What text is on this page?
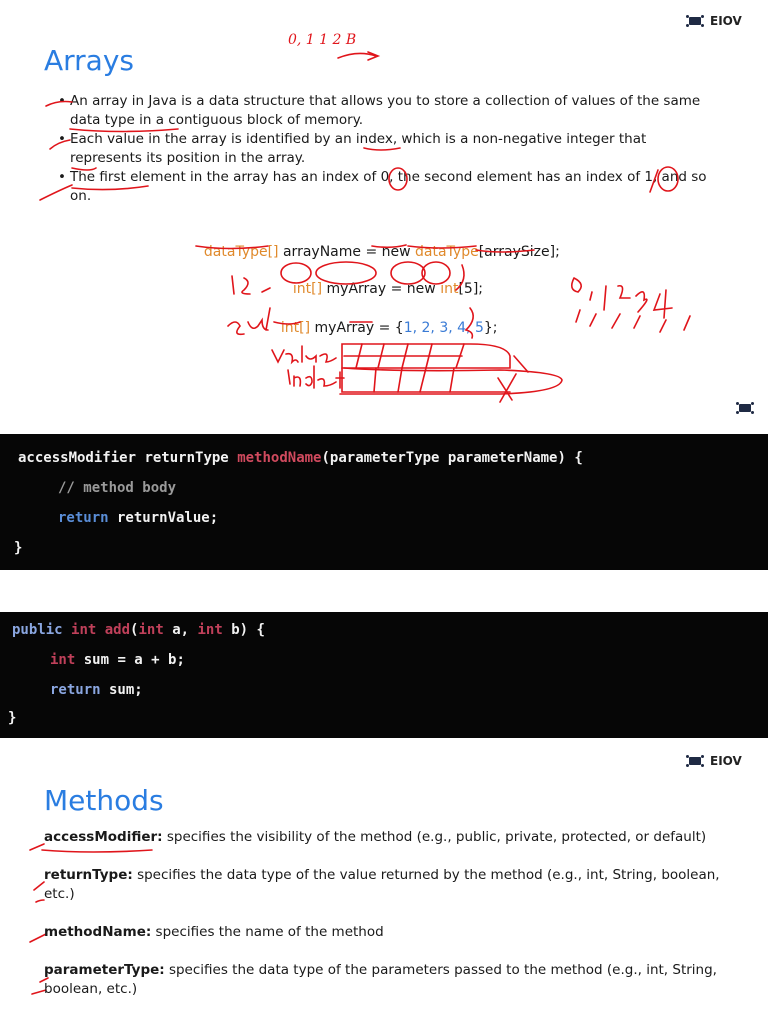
EIOV
Arrays
• An array in Java is a data structure that allows you to store a collection of values of the same data type in a contiguous block of memory.
• Each value in the array is identified by an index, which is a non-negative integer that represents its position in the array.
• The first element in the array has an index of 0, the second element has an index of 1, and so on.

dataType[] arrayName = new dataType[arraySize];

int[] myArray = new int[5];

int[] myArray = {1, 2, 3, 4, 5};

0, 1 1 2 B
accessModifier returnType methodName(parameterType parameterName) {
// method body
return returnValue;
}
public int add(int a, int b) {
int sum = a + b;
return sum;
}
EIOV
Methods
accessModifier: specifies the visibility of the method (e.g., public, private, protected, or default)
returnType: specifies the data type of the value returned by the method (e.g., int, String, boolean, etc.)
methodName: specifies the name of the method
parameterType: specifies the data type of the parameters passed to the method (e.g., int, String, boolean, etc.)
